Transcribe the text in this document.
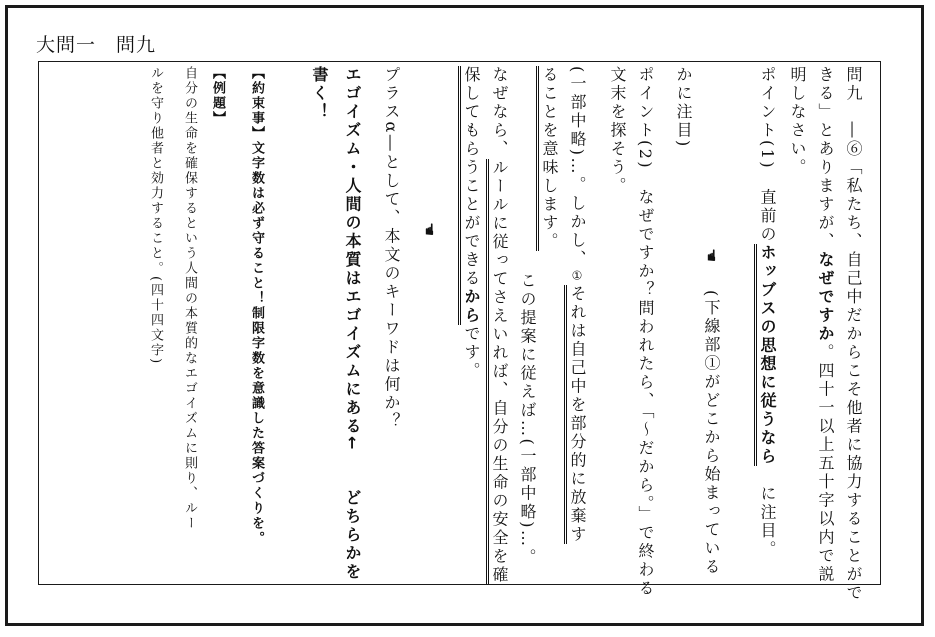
大問一　問九
問九　―⑥「私たち、自己中だからこそ他者に協力することがで
きる」とありますが、なぜですか。四十一以上五十字以内で説
明しなさい。
ポイント(1)　直前のホッブスの思想に従うなら　に注目。
☚
(下線部①がどこから始まっている
かに注目)
ポイント(2)　なぜですか？問われたら、「～だから。」で終わる
文末を探そう。
(一部中略)…。しかし、①それは自己中を部分的に放棄す
ることを意味します。
この提案に従えば…(一部中略)…。
なぜなら、ルールに従ってさえいれば、自分の生命の安全を確
保してもらうことができるからです。
☚
プラスα―として、本文のキーワドは何か？
エゴイズム・人間の本質はエゴイズムにある←　　どちらかを
書く！
【約束事】文字数は必ず守ること！制限字数を意識した答案づくりを。
【例題】
自分の生命を確保するという人間の本質的なエゴイズムに則り、ルー
ルを守り他者と効力すること。(四十四文字)
